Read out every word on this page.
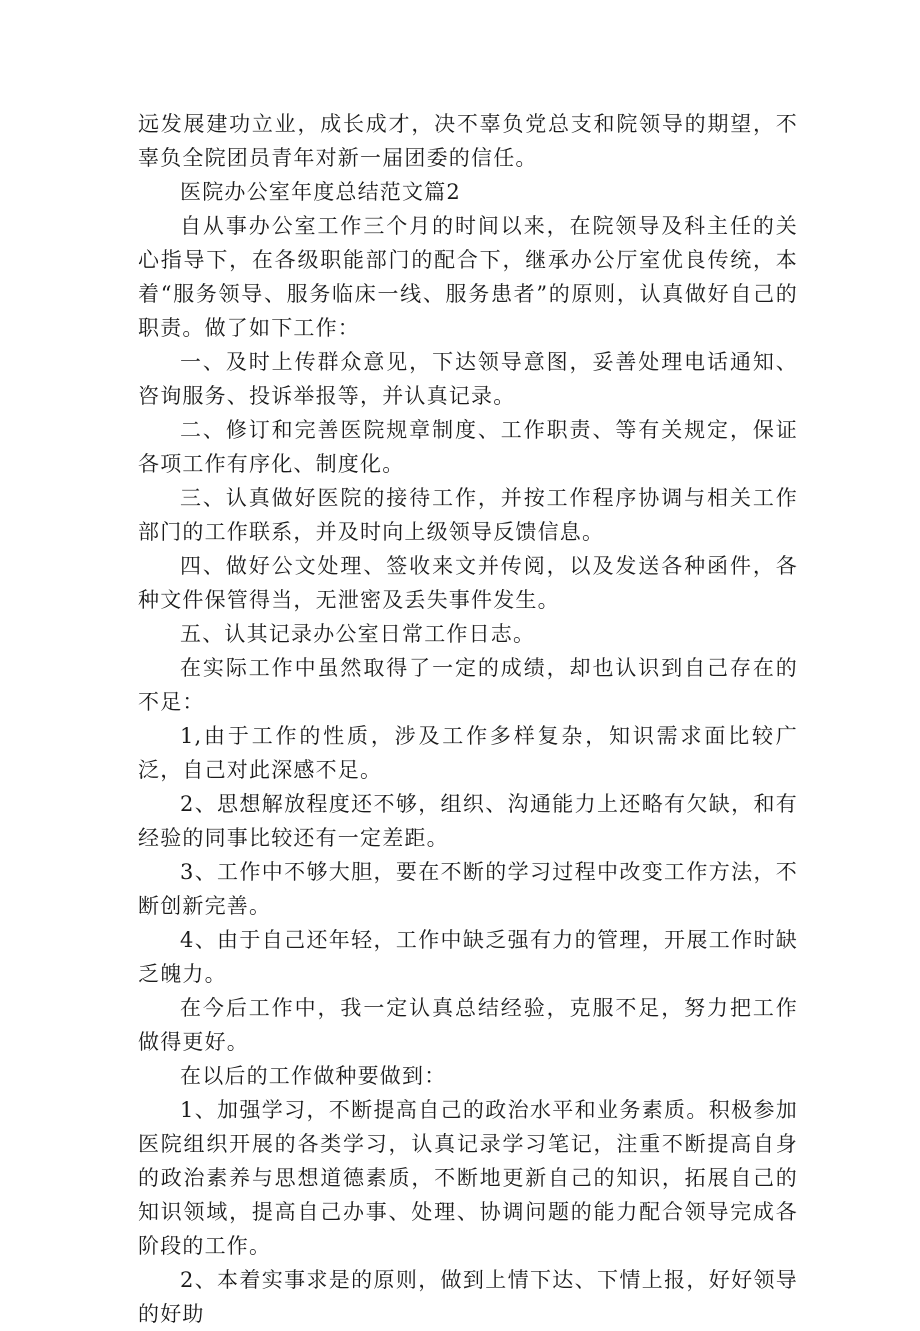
远发展建功立业，成长成才，决不辜负党总支和院领导的期望，不辜负全院团员青年对新一届团委的信任。

医院办公室年度总结范文篇2

自从事办公室工作三个月的时间以来，在院领导及科主任的关心指导下，在各级职能部门的配合下，继承办公厅室优良传统，本着“服务领导、服务临床一线、服务患者”的原则，认真做好自己的职责。做了如下工作：

一、及时上传群众意见，下达领导意图，妥善处理电话通知、咨询服务、投诉举报等，并认真记录。

二、修订和完善医院规章制度、工作职责、等有关规定，保证各项工作有序化、制度化。

三、认真做好医院的接待工作，并按工作程序协调与相关工作部门的工作联系，并及时向上级领导反馈信息。

四、做好公文处理、签收来文并传阅，以及发送各种函件，各种文件保管得当，无泄密及丢失事件发生。

五、认其记录办公室日常工作日志。

在实际工作中虽然取得了一定的成绩，却也认识到自己存在的不足：

1,由于工作的性质，涉及工作多样复杂，知识需求面比较广泛，自己对此深感不足。

2、思想解放程度还不够，组织、沟通能力上还略有欠缺，和有经验的同事比较还有一定差距。

3、工作中不够大胆，要在不断的学习过程中改变工作方法，不断创新完善。

4、由于自己还年轻，工作中缺乏强有力的管理，开展工作时缺乏魄力。

在今后工作中，我一定认真总结经验，克服不足，努力把工作做得更好。

在以后的工作做种要做到：

1、加强学习，不断提高自己的政治水平和业务素质。积极参加医院组织开展的各类学习，认真记录学习笔记，注重不断提高自身的政治素养与思想道德素质，不断地更新自己的知识，拓展自己的知识领域，提高自己办事、处理、协调问题的能力配合领导完成各阶段的工作。

2、本着实事求是的原则，做到上情下达、下情上报，好好领导的好助
